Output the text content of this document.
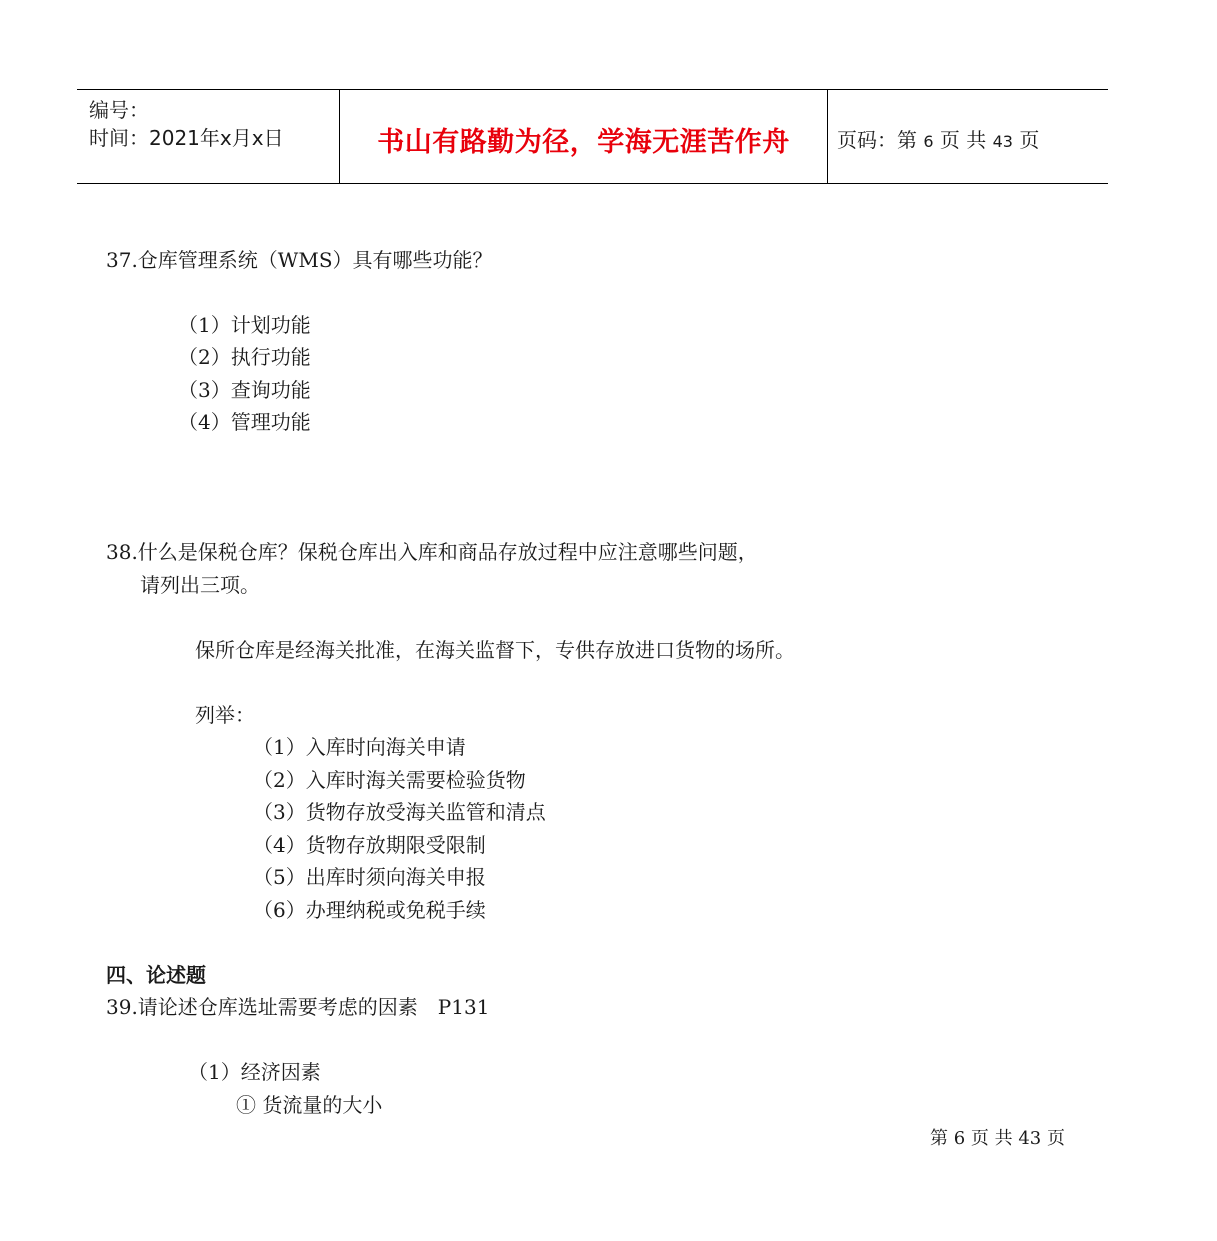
编号：
时间：2021年x月x日	书山有路勤为径，学海无涯苦作舟	页码：第 6 页 共 43 页
37.仓库管理系统（WMS）具有哪些功能？
（1）计划功能
（2）执行功能
（3）查询功能
（4）管理功能
38.什么是保税仓库？保税仓库出入库和商品存放过程中应注意哪些问题，
请列出三项。
保所仓库是经海关批准，在海关监督下，专供存放进口货物的场所。
列举：
（1）入库时向海关申请
（2）入库时海关需要检验货物
（3）货物存放受海关监管和清点
（4）货物存放期限受限制
（5）出库时须向海关申报
（6）办理纳税或免税手续
四、论述题
39.请论述仓库选址需要考虑的因素　P131
（1）经济因素
① 货流量的大小
第 6 页 共 43 页
